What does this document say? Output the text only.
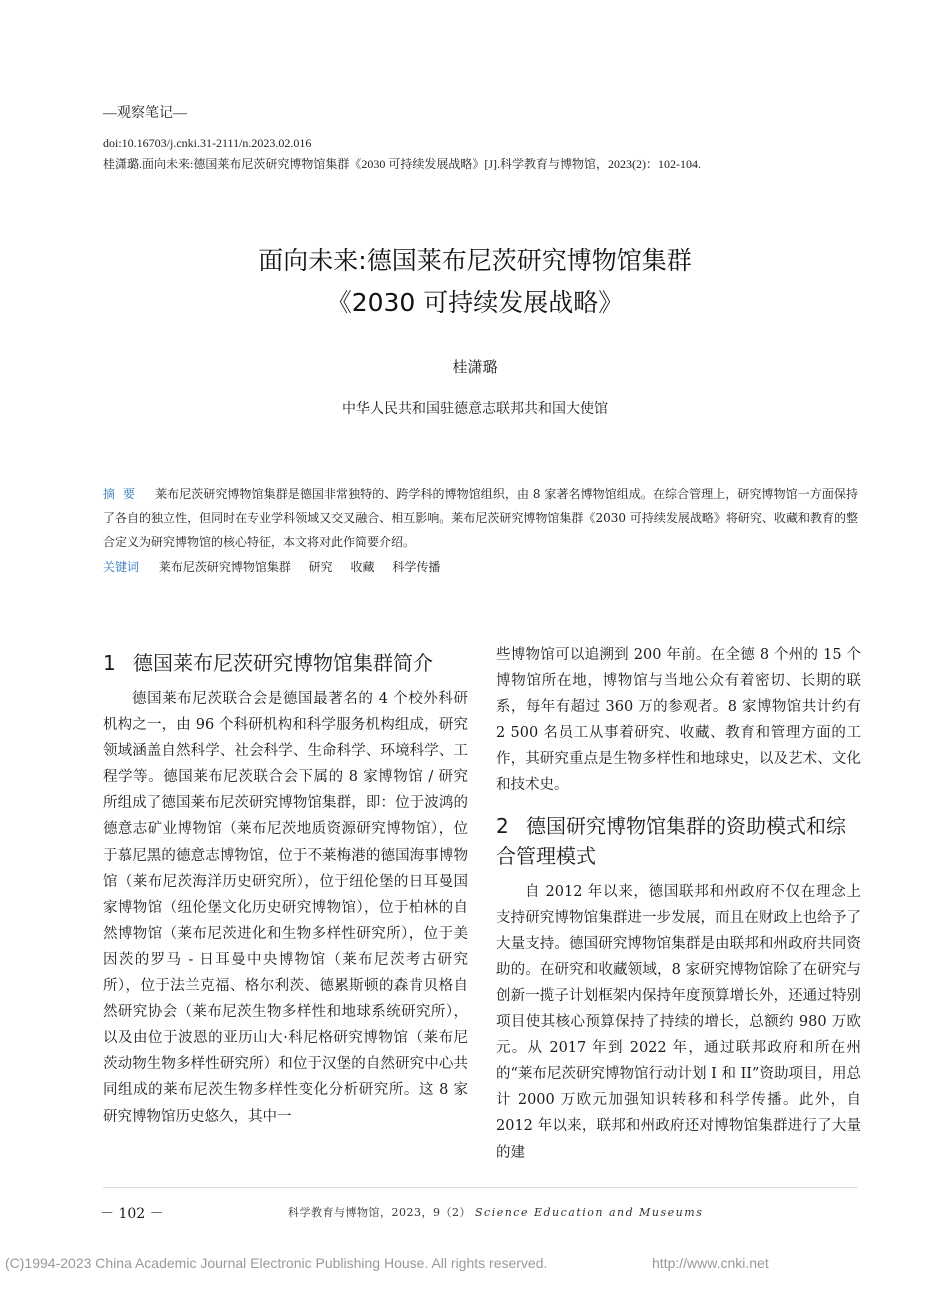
—观察笔记—
doi:10.16703/j.cnki.31-2111/n.2023.02.016
桂潇璐.面向未来:德国莱布尼茨研究博物馆集群《2030 可持续发展战略》[J].科学教育与博物馆，2023(2)：102-104.
面向未来:德国莱布尼茨研究博物馆集群
《2030 可持续发展战略》
桂潇璐
中华人民共和国驻德意志联邦共和国大使馆
摘要 莱布尼茨研究博物馆集群是德国非常独特的、跨学科的博物馆组织，由 8 家著名博物馆组成。在综合管理上，研究博物馆一方面保持了各自的独立性，但同时在专业学科领域又交叉融合、相互影响。莱布尼茨研究博物馆集群《2030 可持续发展战略》将研究、收藏和教育的整合定义为研究博物馆的核心特征，本文将对此作简要介绍。
关键词 莱布尼茨研究博物馆集群 研究 收藏 科学传播
1 德国莱布尼茨研究博物馆集群简介

德国莱布尼茨联合会是德国最著名的 4 个校外科研机构之一，由 96 个科研机构和科学服务机构组成，研究领域涵盖自然科学、社会科学、生命科学、环境科学、工程学等。德国莱布尼茨联合会下属的 8 家博物馆 / 研究所组成了德国莱布尼茨研究博物馆集群，即：位于波鸿的德意志矿业博物馆（莱布尼茨地质资源研究博物馆），位于慕尼黑的德意志博物馆，位于不莱梅港的德国海事博物馆（莱布尼茨海洋历史研究所），位于纽伦堡的日耳曼国家博物馆（纽伦堡文化历史研究博物馆），位于柏林的自然博物馆（莱布尼茨进化和生物多样性研究所），位于美因茨的罗马 - 日耳曼中央博物馆（莱布尼茨考古研究所），位于法兰克福、格尔利茨、德累斯顿的森肯贝格自然研究协会（莱布尼茨生物多样性和地球系统研究所），以及由位于波恩的亚历山大·科尼格研究博物馆（莱布尼茨动物生物多样性研究所）和位于汉堡的自然研究中心共同组成的莱布尼茨生物多样性变化分析研究所。这 8 家研究博物馆历史悠久，其中一

些博物馆可以追溯到 200 年前。在全德 8 个州的 15 个博物馆所在地，博物馆与当地公众有着密切、长期的联系，每年有超过 360 万的参观者。8 家博物馆共计约有 2 500 名员工从事着研究、收藏、教育和管理方面的工作，其研究重点是生物多样性和地球史，以及艺术、文化和技术史。

2 德国研究博物馆集群的资助模式和综合管理模式

自 2012 年以来，德国联邦和州政府不仅在理念上支持研究博物馆集群进一步发展，而且在财政上也给予了大量支持。德国研究博物馆集群是由联邦和州政府共同资助的。在研究和收藏领域，8 家研究博物馆除了在研究与创新一揽子计划框架内保持年度预算增长外，还通过特别项目使其核心预算保持了持续的增长，总额约 980 万欧元。从 2017 年到 2022 年，通过联邦政府和所在州的“莱布尼茨研究博物馆行动计划 I 和 II”资助项目，用总计 2000 万欧元加强知识转移和科学传播。此外，自 2012 年以来，联邦和州政府还对博物馆集群进行了大量的建

－ 102 －	科学教育与博物馆，2023，9（2） Science Education and Museums
(C)1994-2023 China Academic Journal Electronic Publishing House. All rights reserved.	http://www.cnki.net
